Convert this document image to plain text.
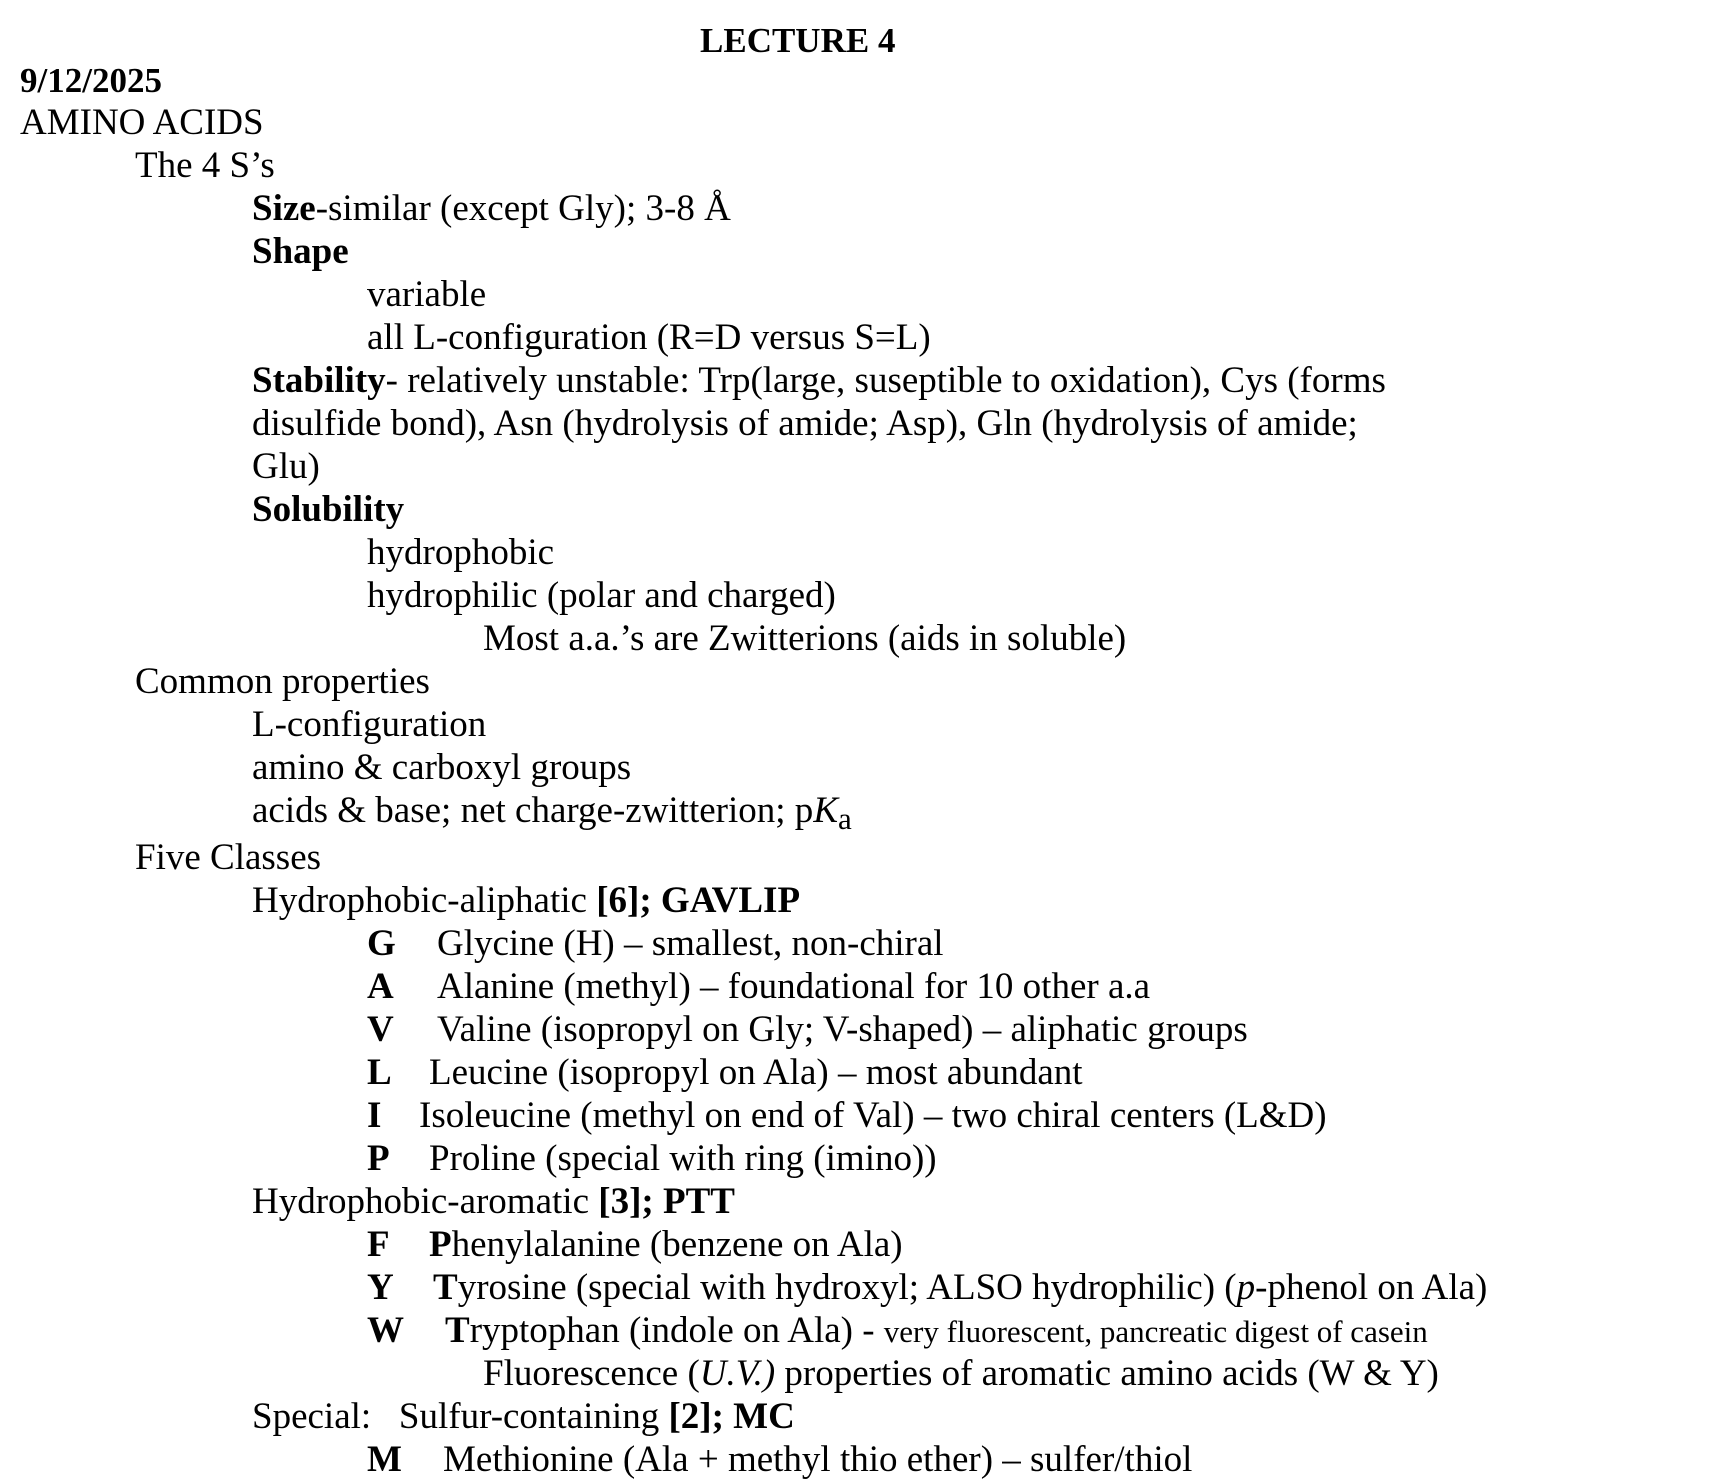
LECTURE 4
9/12/2025
AMINO ACIDS
The 4 S’s
Size-similar (except Gly); 3-8 Å
Shape
variable
all L-configuration (R=D versus S=L)
Stability- relatively unstable: Trp(large, suseptible to oxidation), Cys (forms
disulfide bond), Asn (hydrolysis of amide; Asp), Gln (hydrolysis of amide;
Glu)
Solubility
hydrophobic
hydrophilic (polar and charged)
Most a.a.’s are Zwitterions (aids in soluble)
Common properties
L-configuration
amino & carboxyl groups
acids & base; net charge-zwitterion; pKa
Five Classes
Hydrophobic-aliphatic [6]; GAVLIP
G Glycine (H) – smallest, non-chiral
A Alanine (methyl) – foundational for 10 other a.a
V Valine (isopropyl on Gly; V-shaped) – aliphatic groups
L Leucine (isopropyl on Ala) – most abundant
I Isoleucine (methyl on end of Val) – two chiral centers (L&D)
P Proline (special with ring (imino))
Hydrophobic-aromatic [3]; PTT
F Phenylalanine (benzene on Ala)
Y Tyrosine (special with hydroxyl; ALSO hydrophilic) (p-phenol on Ala)
W Tryptophan (indole on Ala) - very fluorescent, pancreatic digest of casein
Fluorescence (U.V.) properties of aromatic amino acids (W & Y)
Special:   Sulfur-containing [2]; MC
M Methionine (Ala + methyl thio ether) – sulfer/thiol
